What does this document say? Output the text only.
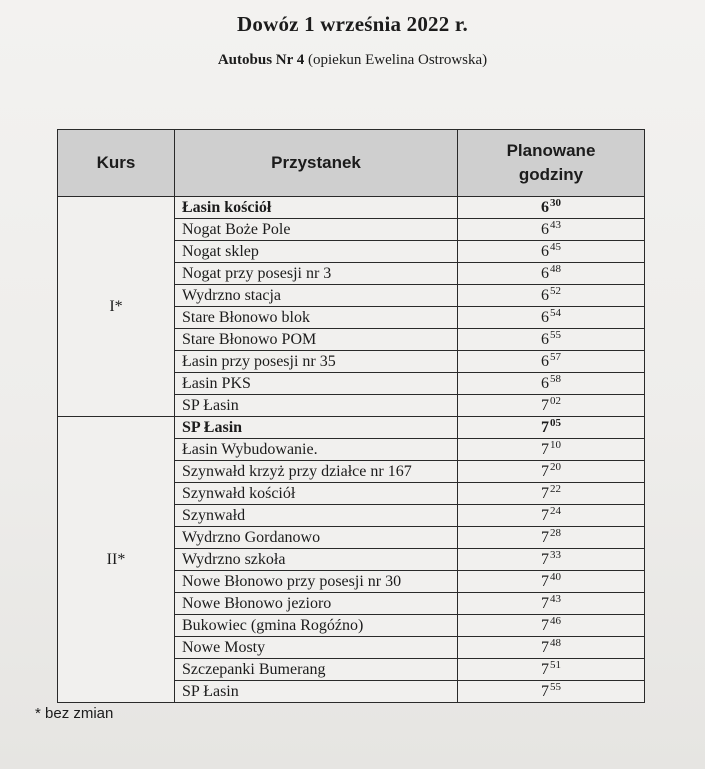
Dowóz 1 września 2022 r.
Autobus Nr 4 (opiekun Ewelina Ostrowska)
Kurs	Przystanek	Planowane
godziny
I*	Łasin kościół	$6^{30}$
	Nogat Boże Pole	$6^{43}$
	Nogat sklep	$6^{45}$
	Nogat przy posesji nr 3	$6^{48}$
	Wydrzno stacja	$6^{52}$
	Stare Błonowo blok	$6^{54}$
	Stare Błonowo POM	$6^{55}$
	Łasin przy posesji nr 35	$6^{57}$
	Łasin PKS	$6^{58}$
	SP Łasin	$7^{02}$
II*	SP Łasin	$7^{05}$
	Łasin Wybudowanie.	$7^{10}$
	Szynwałd krzyż przy działce nr 167	$7^{20}$
	Szynwałd kościół	$7^{22}$
	Szynwałd	$7^{24}$
	Wydrzno Gordanowo	$7^{28}$
	Wydrzno szkoła	$7^{33}$
	Nowe Błonowo przy posesji nr 30	$7^{40}$
	Nowe Błonowo jezioro	$7^{43}$
	Bukowiec (gmina Rogóźno)	$7^{46}$
	Nowe Mosty	$7^{48}$
	Szczepanki Bumerang	$7^{51}$
	SP Łasin	$7^{55}$
* bez zmian
